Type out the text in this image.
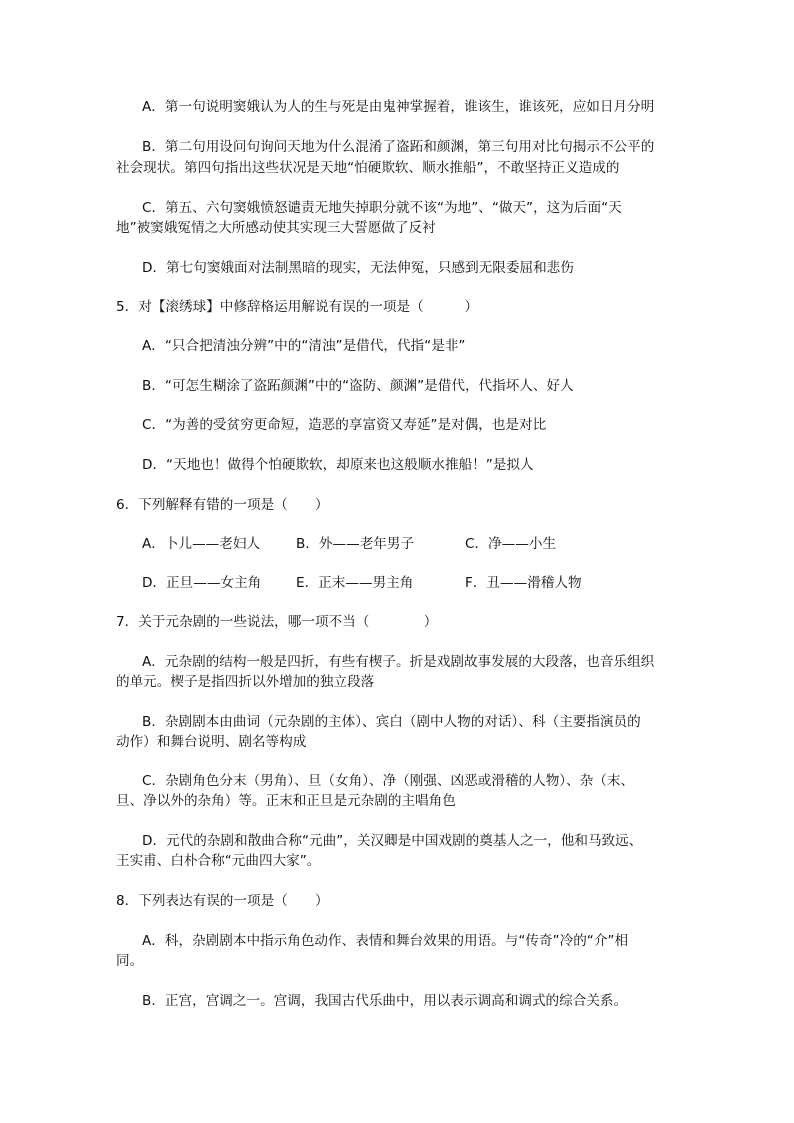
A．第一句说明窦娥认为人的生与死是由鬼神掌握着，谁该生，谁该死，应如日月分明

B．第二句用设问句询问天地为什么混淆了盗跖和颜渊，第三句用对比句揭示不公平的

社会现状。第四句指出这些状况是天地“怕硬欺软、顺水推船”，不敢坚持正义造成的

C．第五、六句窦娥愤怒谴责无地失掉职分就不该“为地”、“做天”，这为后面“天

地”被窦娥冤情之大所感动使其实现三大誓愿做了反衬

D．第七句窦娥面对法制黑暗的现实，无法伸冤，只感到无限委屈和悲伤

5．对【滚绣球】中修辞格运用解说有误的一项是（　　　）

A．“只合把清浊分辨”中的“清浊”是借代，代指“是非”

B．“可怎生糊涂了盗跖颜渊”中的“盗防、颜渊”是借代，代指坏人、好人

C．“为善的受贫穷更命短，造恶的享富资又寿延”是对偶，也是对比

D．“天地也！做得个怕硬欺软，却原来也这般顺水推船！”是拟人

6．下列解释有错的一项是（　　）

A．卜儿——老妇人	B．外——老年男子	C．净——小生
D．正旦——女主角	E．正末——男主角	F．丑——滑稽人物

7．关于元杂剧的一些说法，哪一项不当（　　　　）

A．元杂剧的结构一般是四折，有些有楔子。折是戏剧故事发展的大段落，也音乐组织

的单元。楔子是指四折以外增加的独立段落

B．杂剧剧本由曲词（元杂剧的主体）、宾白（剧中人物的对话）、科（主要指演员的

动作）和舞台说明、剧名等构成

C．杂剧角色分末（男角）、旦（女角）、净（刚强、凶恶或滑稽的人物）、杂（末、

旦、净以外的杂角）等。正末和正旦是元杂剧的主唱角色

D．元代的杂剧和散曲合称“元曲”，关汉卿是中国戏剧的奠基人之一，他和马致远、

王实甫、白朴合称“元曲四大家”。

8．下列表达有误的一项是（　　）

A．科，杂剧剧本中指示角色动作、表情和舞台效果的用语。与“传奇”冷的“介”相

同。

B．正宫，宫调之一。宫调，我国古代乐曲中，用以表示调高和调式的综合关系。
